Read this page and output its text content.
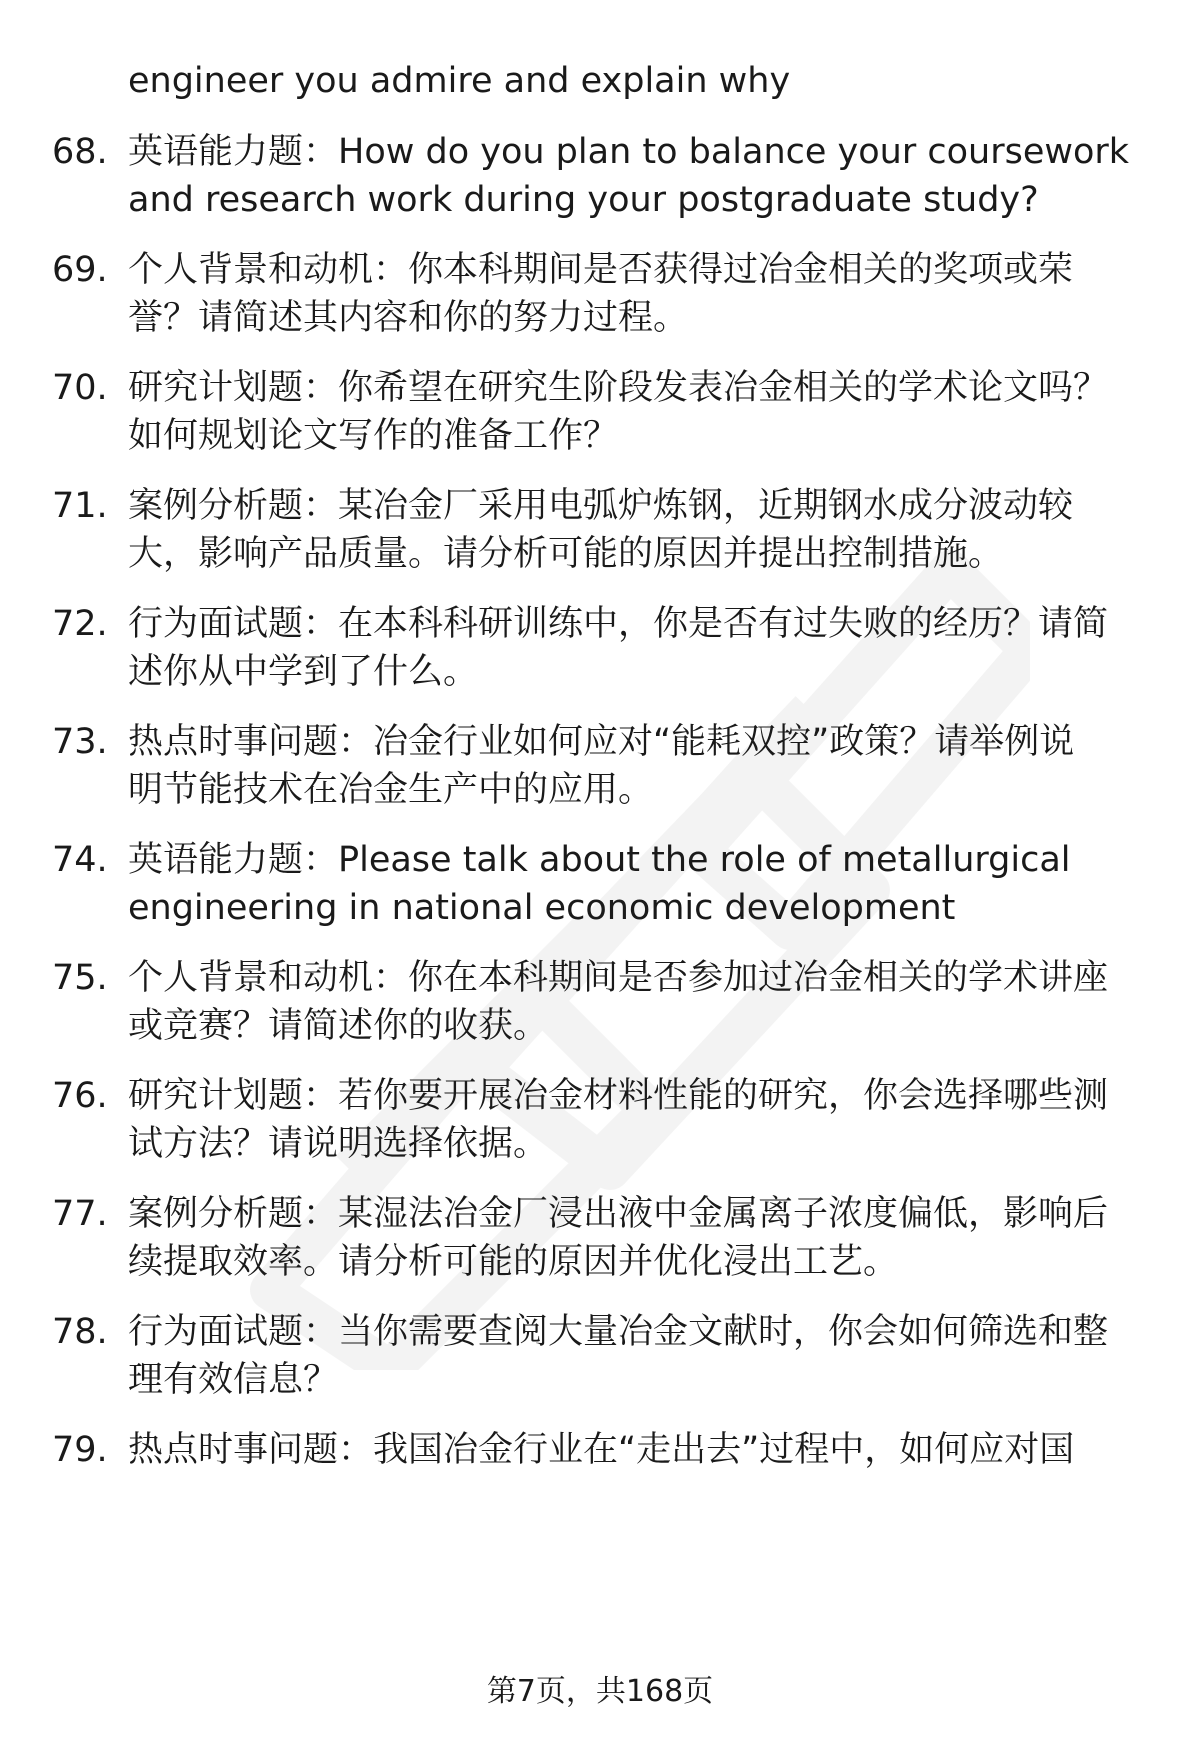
engineer you admire and explain why
68. 英语能力题：How do you plan to balance your coursework
and research work during your postgraduate study?
69. 个人背景和动机：你本科期间是否获得过冶金相关的奖项或荣
誉？请简述其内容和你的努力过程。
70. 研究计划题：你希望在研究生阶段发表冶金相关的学术论文吗？
如何规划论文写作的准备工作？
71. 案例分析题：某冶金厂采用电弧炉炼钢，近期钢水成分波动较
大，影响产品质量。请分析可能的原因并提出控制措施。
72. 行为面试题：在本科科研训练中，你是否有过失败的经历？请简
述你从中学到了什么。
73. 热点时事问题：冶金行业如何应对“能耗双控”政策？请举例说
明节能技术在冶金生产中的应用。
74. 英语能力题：Please talk about the role of metallurgical
engineering in national economic development
75. 个人背景和动机：你在本科期间是否参加过冶金相关的学术讲座
或竞赛？请简述你的收获。
76. 研究计划题：若你要开展冶金材料性能的研究，你会选择哪些测
试方法？请说明选择依据。
77. 案例分析题：某湿法冶金厂浸出液中金属离子浓度偏低，影响后
续提取效率。请分析可能的原因并优化浸出工艺。
78. 行为面试题：当你需要查阅大量冶金文献时，你会如何筛选和整
理有效信息？
79. 热点时事问题：我国冶金行业在“走出去”过程中，如何应对国
第7页，共168页
